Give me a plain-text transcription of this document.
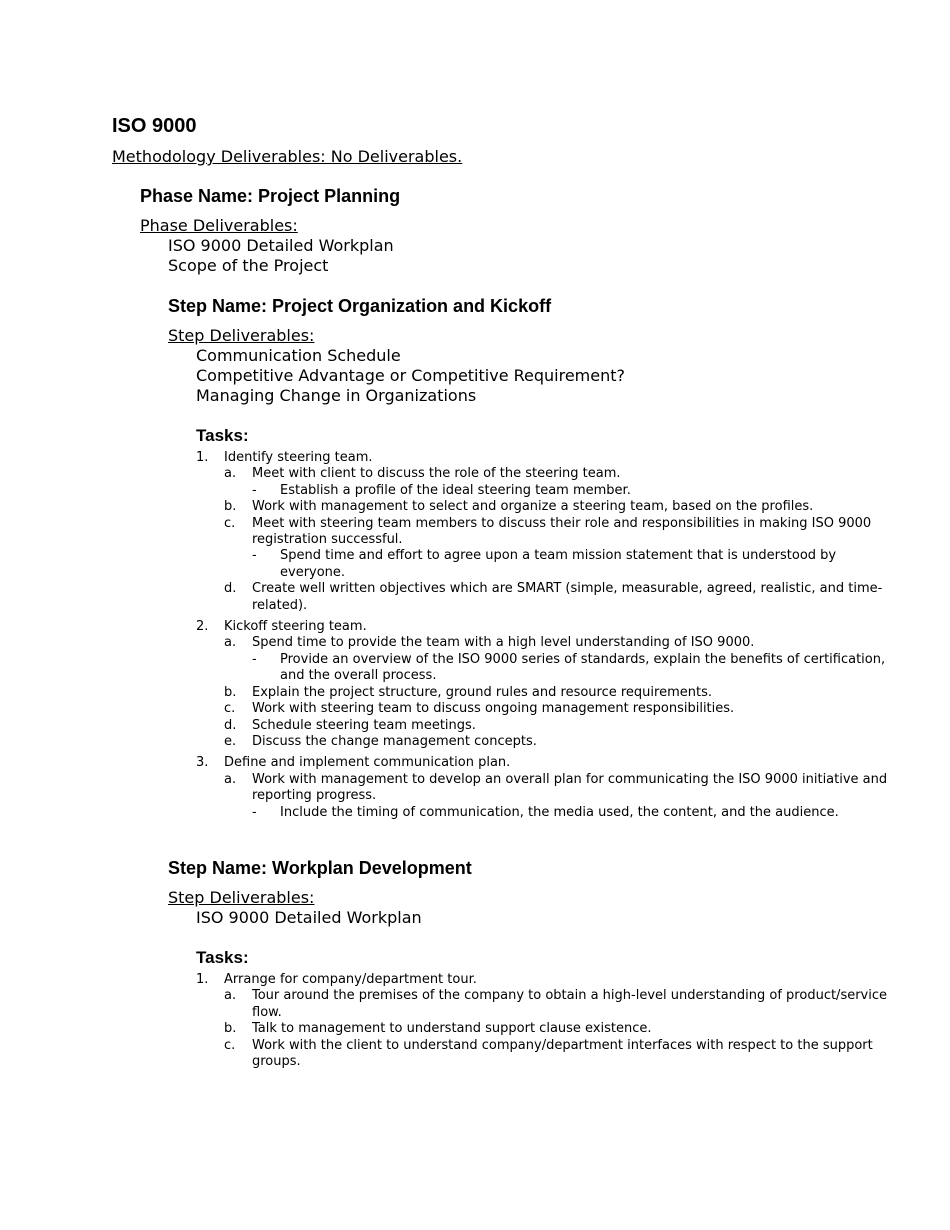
ISO 9000

Methodology Deliverables: No Deliverables.

Phase Name: Project Planning

Phase Deliverables:

ISO 9000 Detailed Workplan
Scope of the Project
Step Name: Project Organization and Kickoff

Step Deliverables:

Communication Schedule
Competitive Advantage or Competitive Requirement?
Managing Change in Organizations

Tasks:

1. Identify steering team.
a. Meet with client to discuss the role of the steering team.
- Establish a profile of the ideal steering team member.
b. Work with management to select and organize a steering team, based on the profiles.
c. Meet with steering team members to discuss their role and responsibilities in making ISO 9000 registration successful.
- Spend time and effort to agree upon a team mission statement that is understood by everyone.
d. Create well written objectives which are SMART (simple, measurable, agreed, realistic, and time-related).
2. Kickoff steering team.
a. Spend time to provide the team with a high level understanding of ISO 9000.
- Provide an overview of the ISO 9000 series of standards, explain the benefits of certification, and the overall process.
b. Explain the project structure, ground rules and resource requirements.
c. Work with steering team to discuss ongoing management responsibilities.
d. Schedule steering team meetings.
e. Discuss the change management concepts.
3. Define and implement communication plan.
a. Work with management to develop an overall plan for communicating the ISO 9000 initiative and reporting progress.
- Include the timing of communication, the media used, the content, and the audience.
Step Name: Workplan Development

Step Deliverables:

ISO 9000 Detailed Workplan

Tasks:

1. Arrange for company/department tour.
a. Tour around the premises of the company to obtain a high-level understanding of product/service flow.
b. Talk to management to understand support clause existence.
c. Work with the client to understand company/department interfaces with respect to the support groups.
